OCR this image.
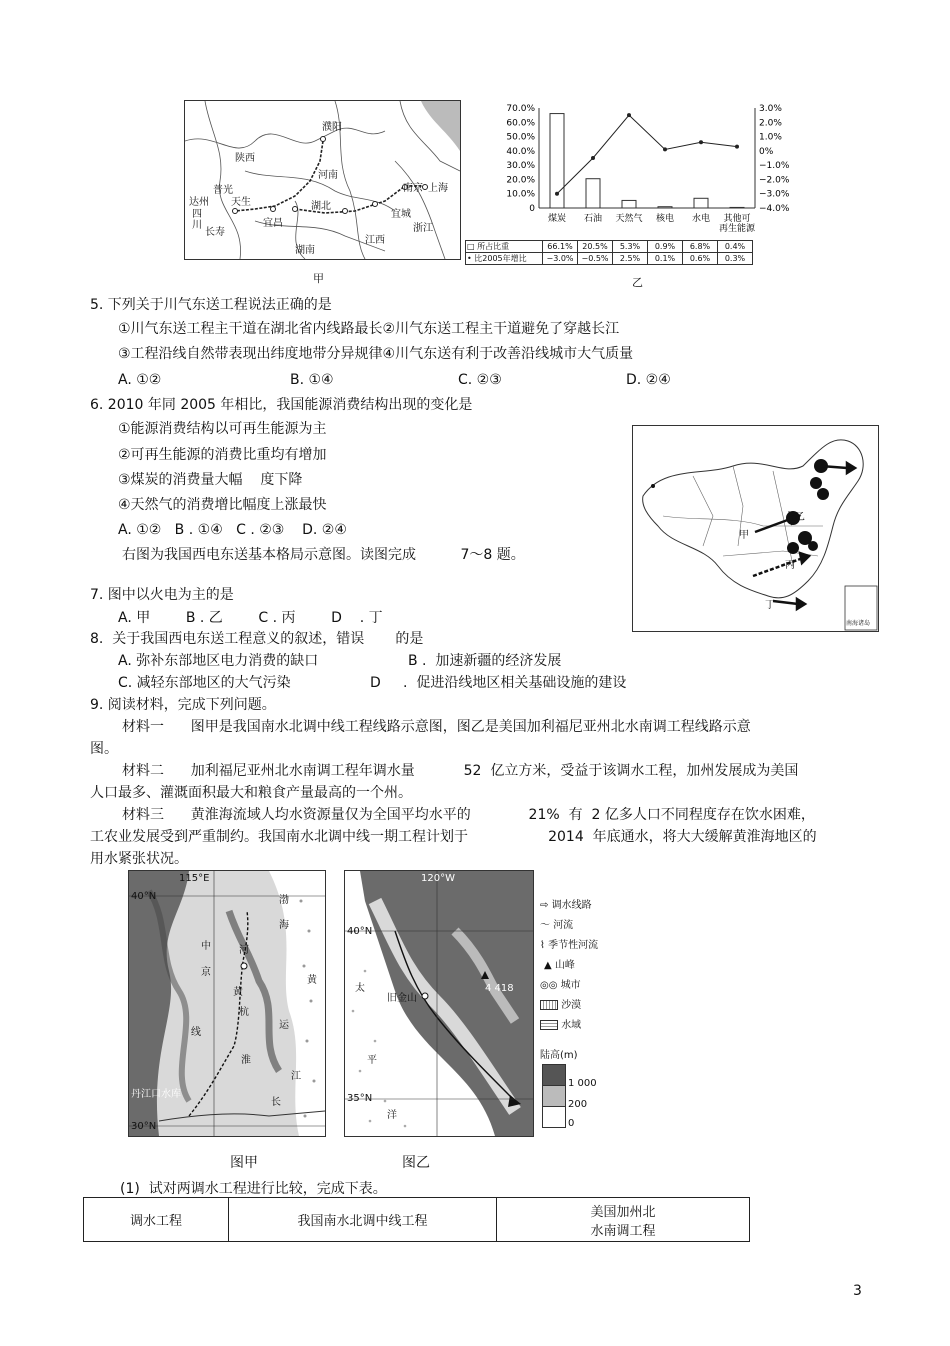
濮阳
陕西
河南
普光
达州 天生
四
川
长寿
宜昌
湖北
南京 上海
宜城
浙江
江西
湖南
甲
70.0%
60.0%
50.0%
40.0%
30.0%
20.0%
10.0%
0
3.0%
2.0%
1.0%
0%
−1.0%
−2.0%
−3.0%
−4.0%
煤炭 石油 天然气 核电 水电 其他可
再生能源
□ 所占比重	66.1%	20.5%	5.3%	0.9%	6.8%	0.4%
• 比2005年增比	−3.0%	−0.5%	2.5%	0.1%	0.6%	0.3%
乙
5. 下列关于川气东送工程说法正确的是
①川气东送工程主干道在湖北省内线路最长②川气东送工程主干道避免了穿越长江
③工程沿线自然带表现出纬度地带分异规律④川气东送有利于改善沿线城市大气质量
A. ①②	B. ①④	C. ②③	D. ②④
6. 2010 年同 2005 年相比，我国能源消费结构出现的变化是
①能源消费结构以可再生能源为主
②可再生能源的消费比重均有增加
③煤炭的消费量大幅    度下降
④天然气的消费增比幅度上涨最快
A. ①②   B . ①④   C . ②③    D. ②④
右图为我国西电东送基本格局示意图。读图完成          7～8 题。
甲
乙
丙
丁
南海诸岛
7. 图中以火电为主的是
A. 甲        B . 乙        C . 丙        D    . 丁
8.  关于我国西电东送工程意义的叙述，错误       的是
A. 弥补东部地区电力消费的缺口	B .  加速新疆的经济发展
C. 减轻东部地区的大气污染	D     .  促进沿线地区相关基础设施的建设
9. 阅读材料，完成下列问题。
材料一      图甲是我国南水北调中线工程线路示意图，图乙是美国加利福尼亚州北水南调工程线路示意
图。
材料二      加利福尼亚州北水南调工程年调水量           52  亿立方米，受益于该调水工程，加州发展成为美国
人口最多、灌溉面积最大和粮食产量最高的一个州。
材料三      黄淮海流域人均水资源量仅为全国平均水平的             21%  有  2 亿多人口不同程度存在饮水困难，
工农业发展受到严重制约。我国南水北调中线一期工程计划于                  2014  年底通水，将大大缓解黄淮海地区的
用水紧张状况。
115°E
40°N
30°N
中
京
线
河
黄
杭
运
淮
丹江口水库
渤
海
黄
长
江
图甲
120°W
40°N
35°N
太
平
洋
旧金山
4 418
图乙
⇨ 调水线路
〜 河流
⌇ 季节性河流
▲ 山峰
◎◎ 城市
沙漠
水域
陆高(m)
1 000
200
0
(1)  试对两调水工程进行比较，完成下表。
调水工程	我国南水北调中线工程	美国加州北
水南调工程
3
